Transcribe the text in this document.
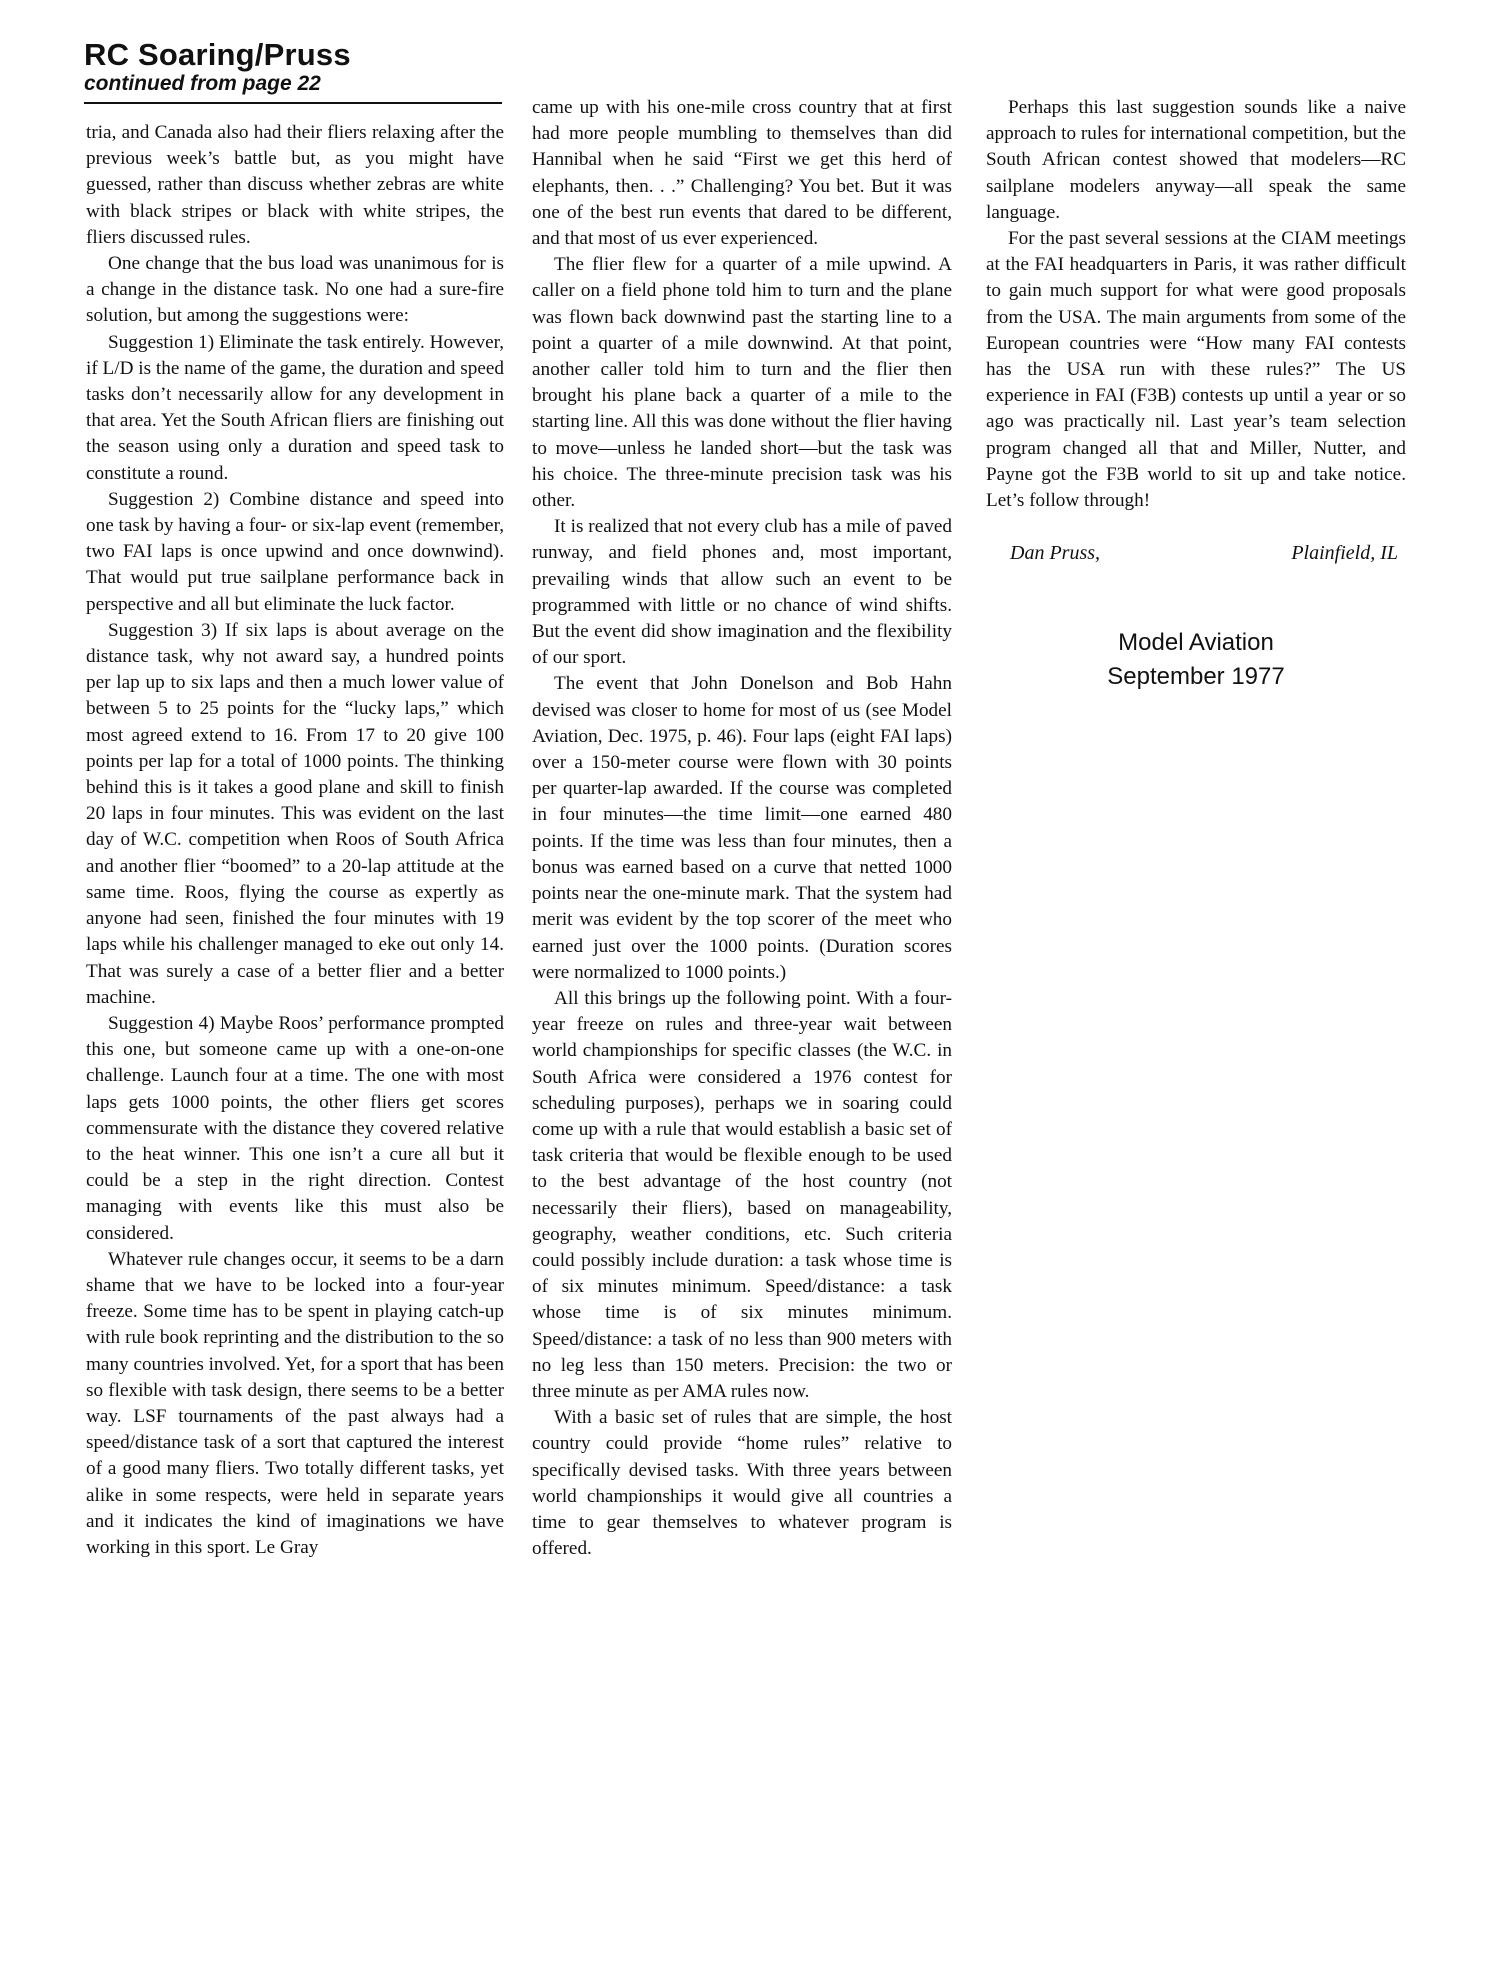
RC Soaring/Pruss
continued from page 22

tria, and Canada also had their fliers relaxing after the previous week’s battle but, as you might have guessed, rather than discuss whether zebras are white with black stripes or black with white stripes, the fliers discussed rules.

One change that the bus load was unanimous for is a change in the distance task. No one had a sure-fire solution, but among the suggestions were:

Suggestion 1) Eliminate the task entirely. However, if L/D is the name of the game, the duration and speed tasks don’t necessarily allow for any development in that area. Yet the South African fliers are finishing out the season using only a duration and speed task to constitute a round.

Suggestion 2) Combine distance and speed into one task by having a four- or six-lap event (remember, two FAI laps is once upwind and once downwind). That would put true sailplane performance back in perspective and all but eliminate the luck factor.

Suggestion 3) If six laps is about average on the distance task, why not award say, a hundred points per lap up to six laps and then a much lower value of between 5 to 25 points for the “lucky laps,” which most agreed extend to 16. From 17 to 20 give 100 points per lap for a total of 1000 points. The thinking behind this is it takes a good plane and skill to finish 20 laps in four minutes. This was evident on the last day of W.C. competition when Roos of South Africa and another flier “boomed” to a 20-lap attitude at the same time. Roos, flying the course as expertly as anyone had seen, finished the four minutes with 19 laps while his challenger managed to eke out only 14. That was surely a case of a better flier and a better machine.

Suggestion 4) Maybe Roos’ performance prompted this one, but someone came up with a one-on-one challenge. Launch four at a time. The one with most laps gets 1000 points, the other fliers get scores commensurate with the distance they covered relative to the heat winner. This one isn’t a cure all but it could be a step in the right direction. Contest managing with events like this must also be considered.

Whatever rule changes occur, it seems to be a darn shame that we have to be locked into a four-year freeze. Some time has to be spent in playing catch-up with rule book reprinting and the distribution to the so many countries involved. Yet, for a sport that has been so flexible with task design, there seems to be a better way. LSF tournaments of the past always had a speed/distance task of a sort that captured the interest of a good many fliers. Two totally different tasks, yet alike in some respects, were held in separate years and it indicates the kind of imaginations we have working in this sport. Le Gray

came up with his one-mile cross country that at first had more people mumbling to themselves than did Hannibal when he said “First we get this herd of elephants, then. . .” Challenging? You bet. But it was one of the best run events that dared to be different, and that most of us ever experienced.

The flier flew for a quarter of a mile upwind. A caller on a field phone told him to turn and the plane was flown back downwind past the starting line to a point a quarter of a mile downwind. At that point, another caller told him to turn and the flier then brought his plane back a quarter of a mile to the starting line. All this was done without the flier having to move—unless he landed short—but the task was his choice. The three-minute precision task was his other.

It is realized that not every club has a mile of paved runway, and field phones and, most important, prevailing winds that allow such an event to be programmed with little or no chance of wind shifts. But the event did show imagination and the flexibility of our sport.

The event that John Donelson and Bob Hahn devised was closer to home for most of us (see Model Aviation, Dec. 1975, p. 46). Four laps (eight FAI laps) over a 150-meter course were flown with 30 points per quarter-lap awarded. If the course was completed in four minutes—the time limit—one earned 480 points. If the time was less than four minutes, then a bonus was earned based on a curve that netted 1000 points near the one-minute mark. That the system had merit was evident by the top scorer of the meet who earned just over the 1000 points. (Duration scores were normalized to 1000 points.)

All this brings up the following point. With a four-year freeze on rules and three-year wait between world championships for specific classes (the W.C. in South Africa were considered a 1976 contest for scheduling purposes), perhaps we in soaring could come up with a rule that would establish a basic set of task criteria that would be flexible enough to be used to the best advantage of the host country (not necessarily their fliers), based on manageability, geography, weather conditions, etc. Such criteria could possibly include duration: a task whose time is of six minutes minimum. Speed/distance: a task whose time is of six minutes minimum. Speed/distance: a task of no less than 900 meters with no leg less than 150 meters. Precision: the two or three minute as per AMA rules now.

With a basic set of rules that are simple, the host country could provide “home rules” relative to specifically devised tasks. With three years between world championships it would give all countries a time to gear themselves to whatever program is offered.

Perhaps this last suggestion sounds like a naive approach to rules for international competition, but the South African contest showed that modelers—RC sailplane modelers anyway—all speak the same language.

For the past several sessions at the CIAM meetings at the FAI headquarters in Paris, it was rather difficult to gain much support for what were good proposals from the USA. The main arguments from some of the European countries were “How many FAI contests has the USA run with these rules?” The US experience in FAI (F3B) contests up until a year or so ago was practically nil. Last year’s team selection program changed all that and Miller, Nutter, and Payne got the F3B world to sit up and take notice. Let’s follow through!

Dan Pruss,	Plainfield, IL
Model Aviation
September 1977
